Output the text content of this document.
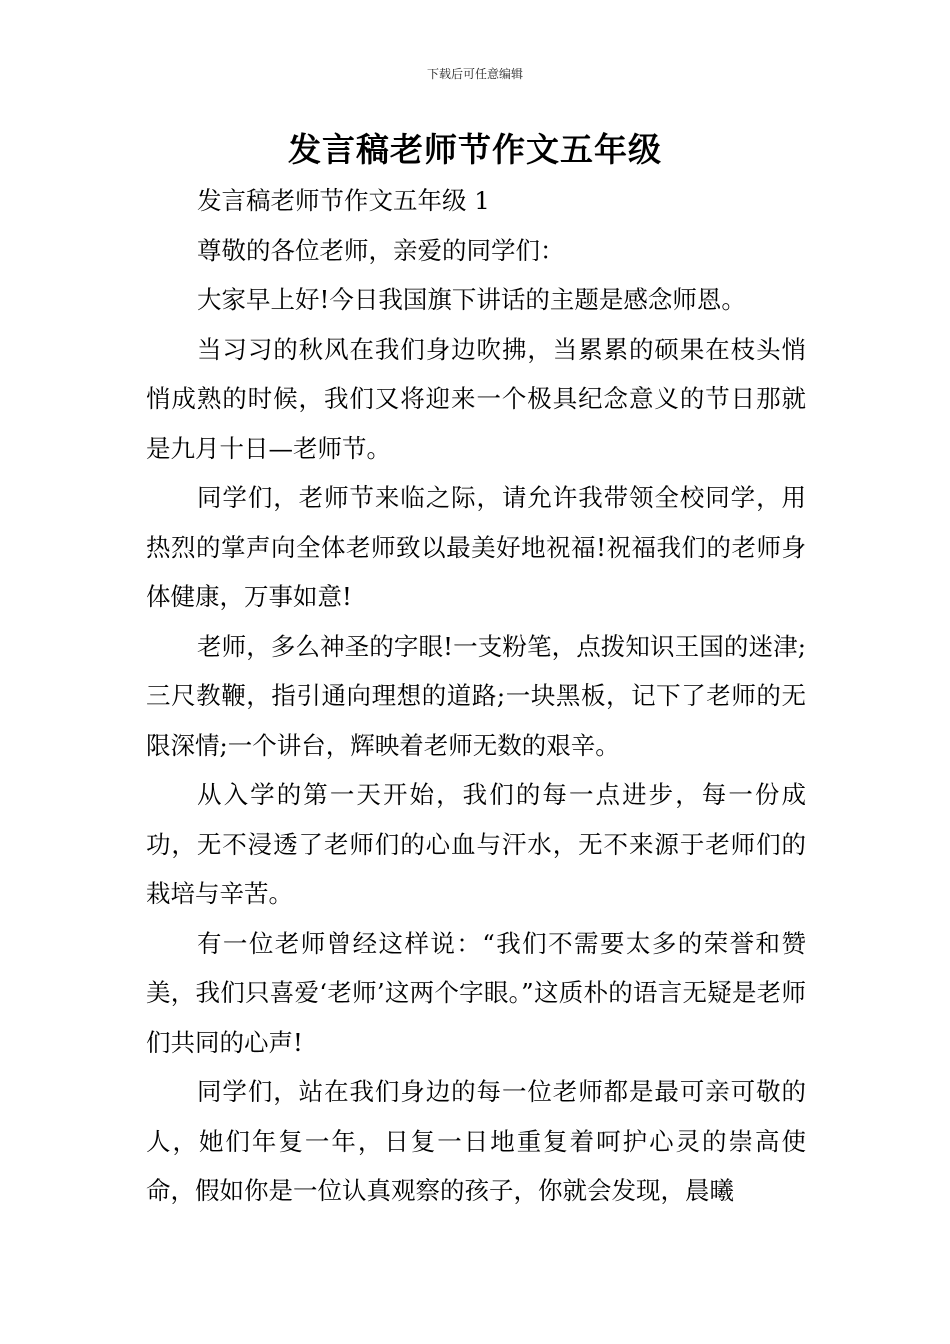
下载后可任意编辑
发言稿老师节作文五年级

发言稿老师节作文五年级 1

尊敬的各位老师，亲爱的同学们：

大家早上好!今日我国旗下讲话的主题是感念师恩。

当习习的秋风在我们身边吹拂，当累累的硕果在枝头悄悄成熟的时候，我们又将迎来一个极具纪念意义的节日那就是九月十日—老师节。

同学们，老师节来临之际，请允许我带领全校同学，用热烈的掌声向全体老师致以最美好地祝福!祝福我们的老师身体健康，万事如意!

老师，多么神圣的字眼!一支粉笔，点拨知识王国的迷津;三尺教鞭，指引通向理想的道路;一块黑板，记下了老师的无限深情;一个讲台，辉映着老师无数的艰辛。

从入学的第一天开始，我们的每一点进步，每一份成功，无不浸透了老师们的心血与汗水，无不来源于老师们的栽培与辛苦。

有一位老师曾经这样说：“我们不需要太多的荣誉和赞美，我们只喜爱‘老师’这两个字眼。”这质朴的语言无疑是老师们共同的心声!

同学们，站在我们身边的每一位老师都是最可亲可敬的人，她们年复一年，日复一日地重复着呵护心灵的崇高使命，假如你是一位认真观察的孩子，你就会发现，晨曦
